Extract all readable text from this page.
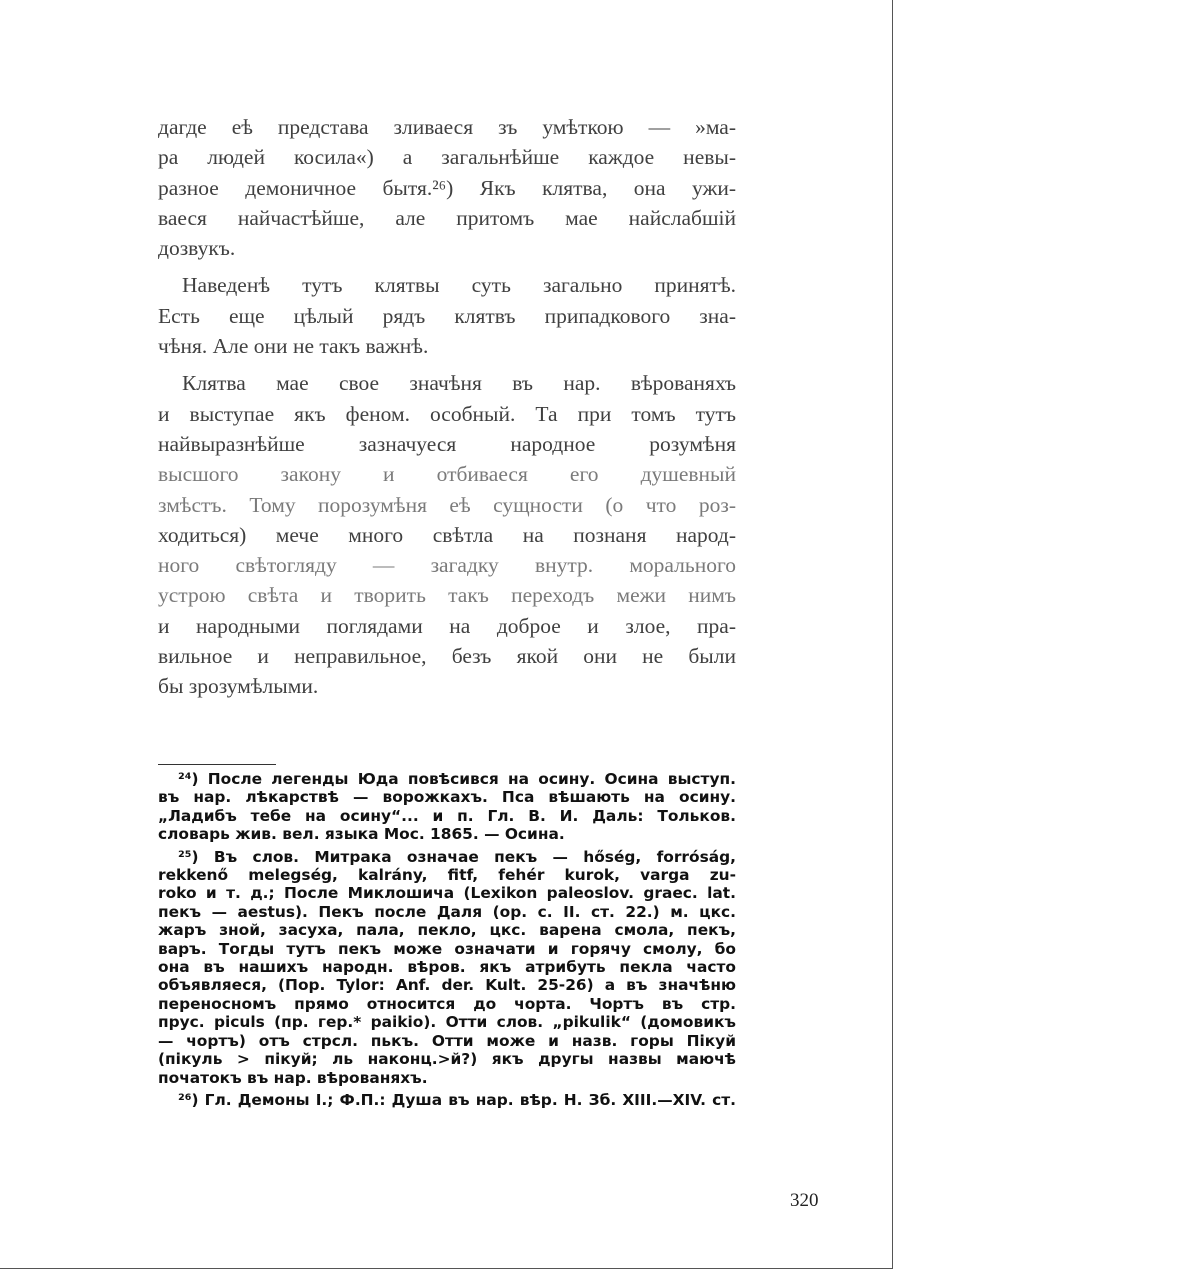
дагде еѣ представа зливаеся зъ умѣткою — »ма-
ра людей косила«) а загальнѣйше каждое невы-
разное демоничное бытя.²⁶) Якъ клятва, она ужи-
ваеся найчастѣйше, але притомъ мае найслабшiй
дозвукъ.

Наведенѣ тутъ клятвы суть загально принятѣ.
Есть еще цѣлый рядъ клятвъ припадкового зна-
чѣня. Але они не такъ важнѣ.

Клятва мае свое значѣня въ нар. вѣрованяхъ
и выступае якъ феном. особный. Та при томъ тутъ
найвыразнѣйше зазначуеся народное розумѣня
высшого закону и отбиваеся его душевный
змѣстъ. Тому порозумѣня еѣ сущности (о что роз-
ходиться) мече много свѣтла на познаня народ-
ного свѣтогляду — загадку внутр. морального
устрою свѣта и творить такъ переходъ межи нимъ
и народными поглядами на доброе и злое, пра-
вильное и неправильное, безъ якой они не были
бы зрозумѣлыми.

²⁴) После легенды Юда повѣсився на осину. Осина выступ.
въ нар. лѣкарствѣ — ворожкахъ. Пса вѣшають на осину.
„Ладибъ тебе на осину“... и п. Гл. В. И. Даль: Тольков.
словарь жив. вел. языка Мос. 1865. — Осина.

²⁵) Въ слов. Митрака означае пекъ — hőség, forróság,
rekkenő melegség, kalrány, fitf, fehér kurok, varga zu-
roko и т. д.; После Миклошича (Lexikon paleoslov. graec. lat.
пекъ — aestus). Пекъ после Даля (op. c. II. ст. 22.) м. цкс.
жаръ зной, засуха, пала, пекло, цкс. варена смола, пекъ,
варъ. Тогды тутъ пекъ може означати и горячу смолу, бо
она въ нашихъ народн. вѣров. якъ атрибуть пекла часто
объявляеся, (Пор. Tylor: Anf. der. Kult. 25-26) а въ значѣню
переносномъ прямо относится до чорта. Чортъ въ стр.
прус. piculs (пр. гер.* paikio). Отти слов. „pikulik“ (домовикъ
— чортъ) отъ стрсл. пькъ. Отти може и назв. горы Пікуй
(пікуль > пікуй; ль наконц.>й?) якъ другы назвы маючѣ
початокъ въ нар. вѣрованяхъ.

²⁶) Гл. Демоны I.; Ф.П.: Душа въ нар. вѣр. Н. Зб. XIII.—XIV. ст.

320
